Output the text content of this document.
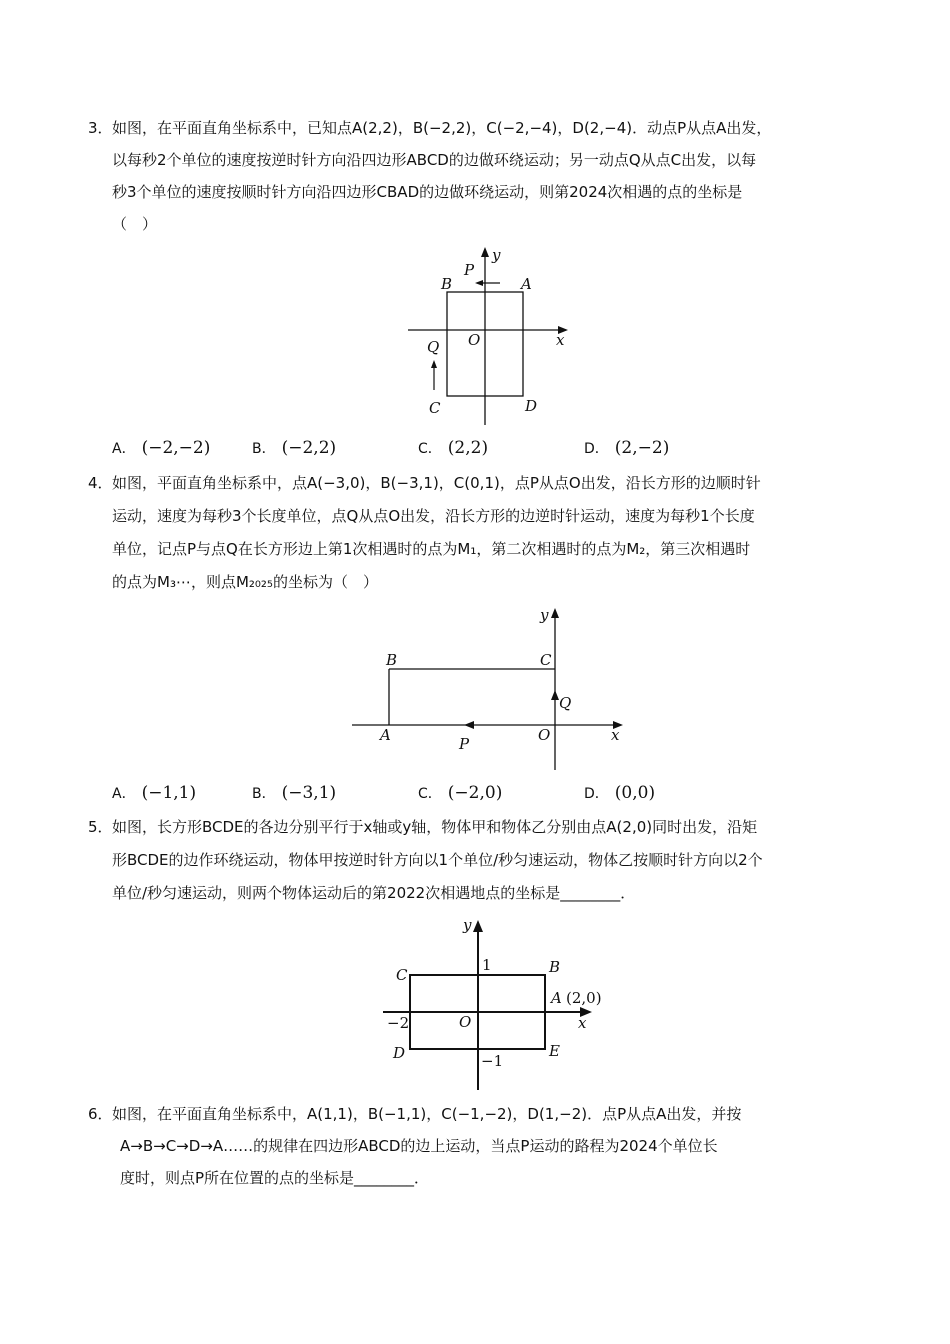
3． 如图，在平面直角坐标系中，已知点A(2,2)，B(−2,2)，C(−2,−4)，D(2,−4)．动点P从点A出发，
以每秒2个单位的速度按逆时针方向沿四边形ABCD的边做环绕运动；另一动点Q从点C出发，以每
秒3个单位的速度按顺时针方向沿四边形CBAD的边做环绕运动，则第2024次相遇的点的坐标是
（　）
B	A
P
y
O	x
Q
C	D
A． (−2,−2)	B． (−2,2)	C． (2,2)	D． (2,−2)
4． 如图，平面直角坐标系中，点A(−3,0)，B(−3,1)，C(0,1)，点P从点O出发，沿长方形的边顺时针
运动，速度为每秒3个长度单位，点Q从点O出发，沿长方形的边逆时针运动，速度为每秒1个长度
单位，记点P与点Q在长方形边上第1次相遇时的点为M₁，第二次相遇时的点为M₂，第三次相遇时
的点为M₃⋯，则点M₂₀₂₅的坐标为（　）
B	C
y
Q
A	P	O	x
A． (−1,1)	B． (−3,1)	C． (−2,0)	D． (0,0)
5． 如图，长方形BCDE的各边分别平行于x轴或y轴，物体甲和物体乙分别由点A(2,0)同时出发，沿矩
形BCDE的边作环绕运动，物体甲按逆时针方向以1个单位/秒匀速运动，物体乙按顺时针方向以2个
单位/秒匀速运动，则两个物体运动后的第2022次相遇地点的坐标是________．
y
1
C	B
A (2,0)
−2	O	x
D	E
−1
6． 如图，在平面直角坐标系中，A(1,1)，B(−1,1)，C(−1,−2)，D(1,−2)．点P从点A出发，并按
A→B→C→D→A……的规律在四边形ABCD的边上运动，当点P运动的路程为2024个单位长
度时，则点P所在位置的点的坐标是________．
